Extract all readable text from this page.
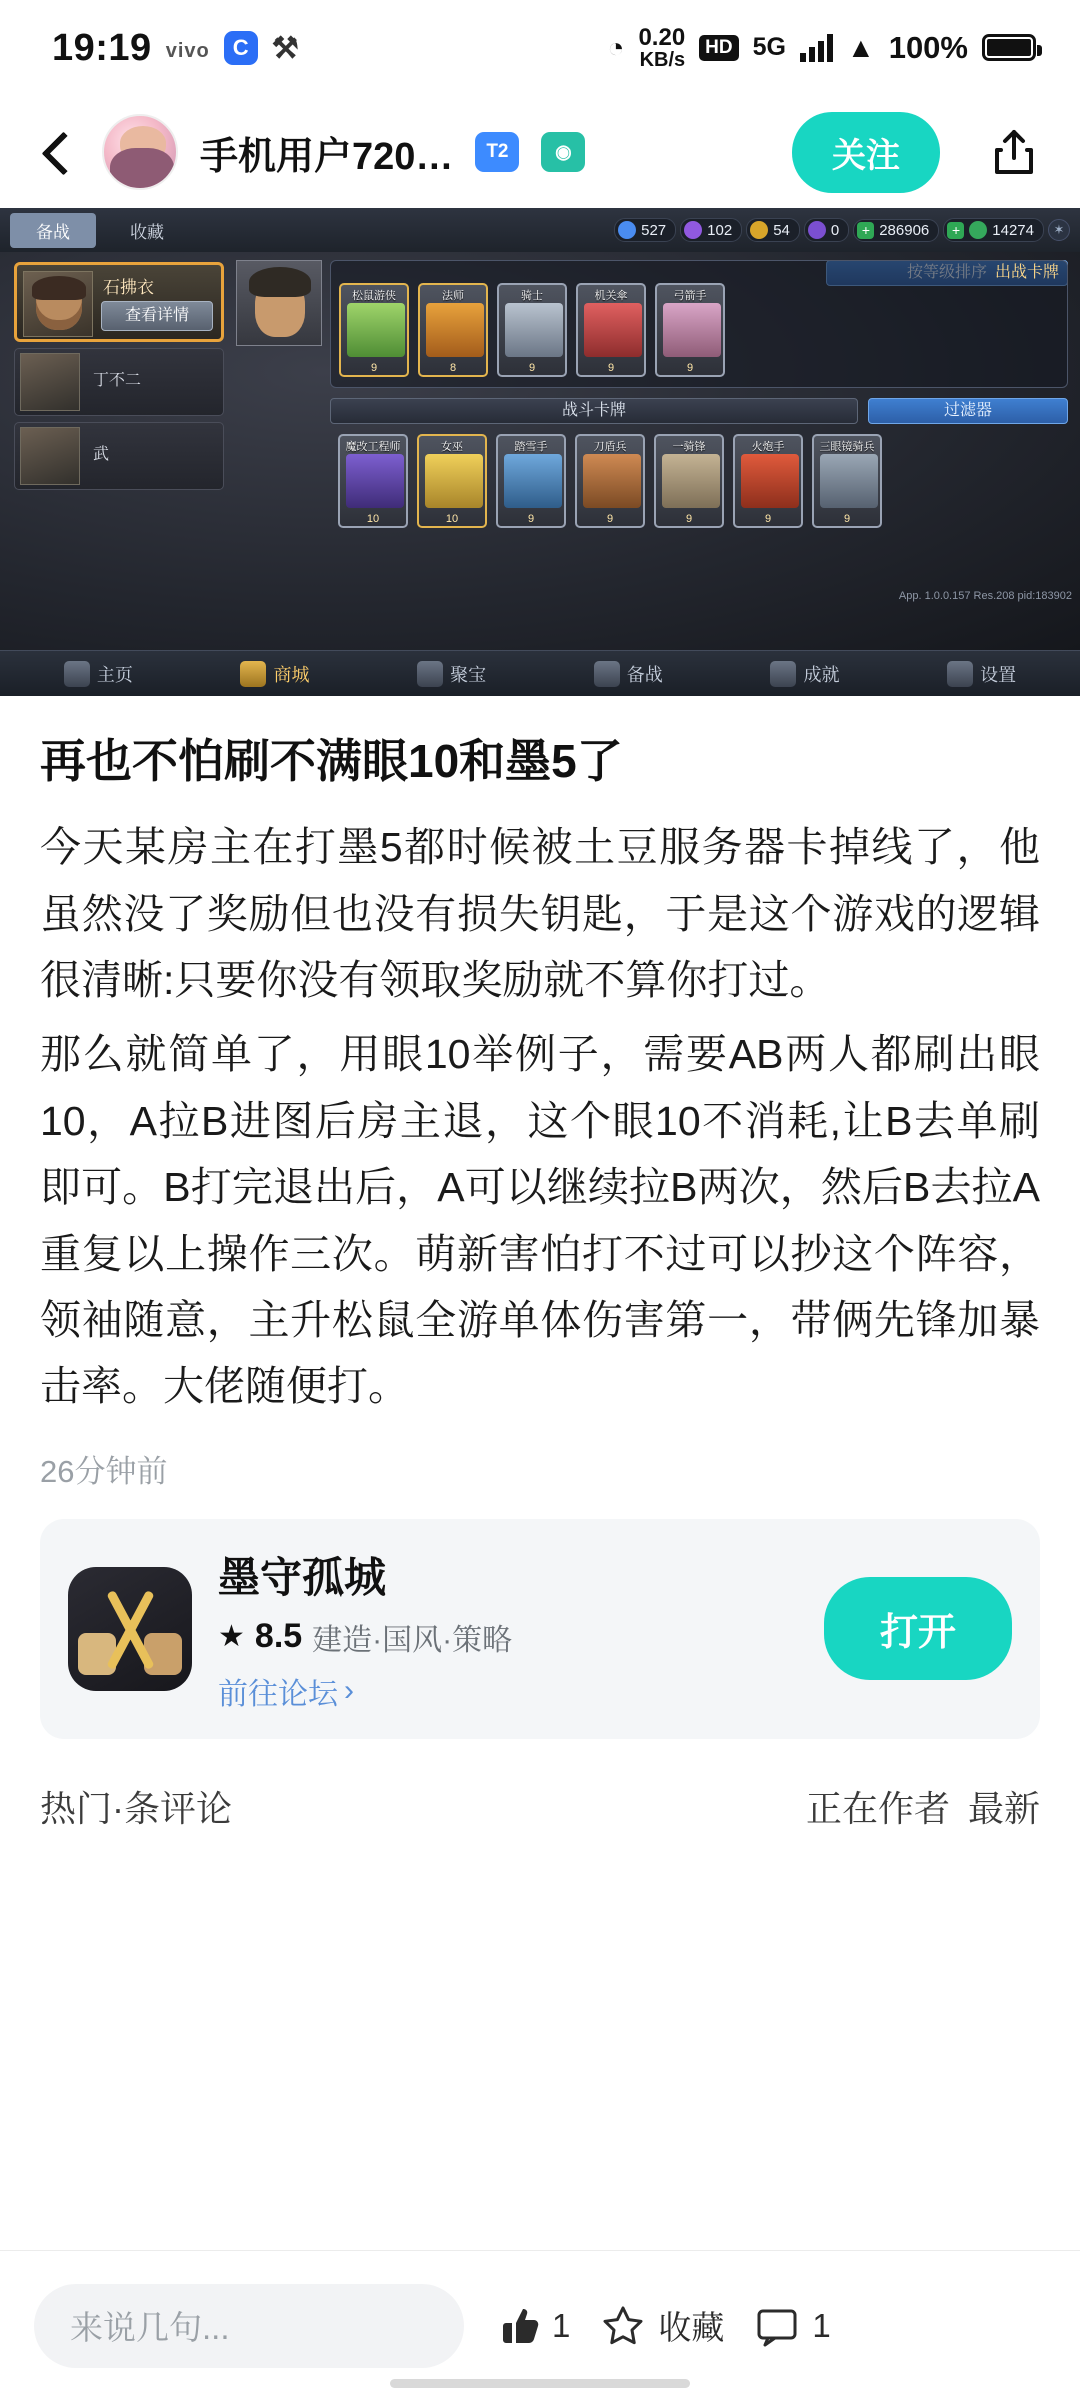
19:19 vivo	C ⚒	◔ 0.20
KB/s
HD 5G ▲ 100%
手机用户720…	T2	◉	关注
备战	收藏	527	102	54	0	+ 286906	+ 14274	✶
石拂衣
查看详情
丁不二
武
出战卡牌
松鼠游侠
9
法师
8
骑士
9
机关傘
9
弓箭手
9
战斗卡牌	过滤器
魔改工程师
10
女巫
10
踏雪手
9
刀盾兵
9
一骑锋
9
火炮手
9
三眼镜骑兵
9
App. 1.0.0.157 Res.208 pid:183902
主页	商城	聚宝	备战	成就	设置
再也不怕刷不满眼10和墨5了
今天某房主在打墨5都时候被土豆服务器卡掉线了，他虽然没了奖励但也没有损失钥匙，于是这个游戏的逻辑很清晰:只要你没有领取奖励就不算你打过。
那么就简单了，用眼10举例子，需要AB两人都刷出眼10，A拉B进图后房主退，这个眼10不消耗,让B去单刷即可。B打完退出后，A可以继续拉B两次，然后B去拉A重复以上操作三次。萌新害怕打不过可以抄这个阵容，领袖随意，主升松鼠全游单体伤害第一，带俩先锋加暴击率。大佬随便打。
26分钟前
墨守孤城
★ 8.5 建造·国风·策略
前往论坛 ›
打开
热门·条评论	正在作者 最新
来说几句...	1	收藏	1
